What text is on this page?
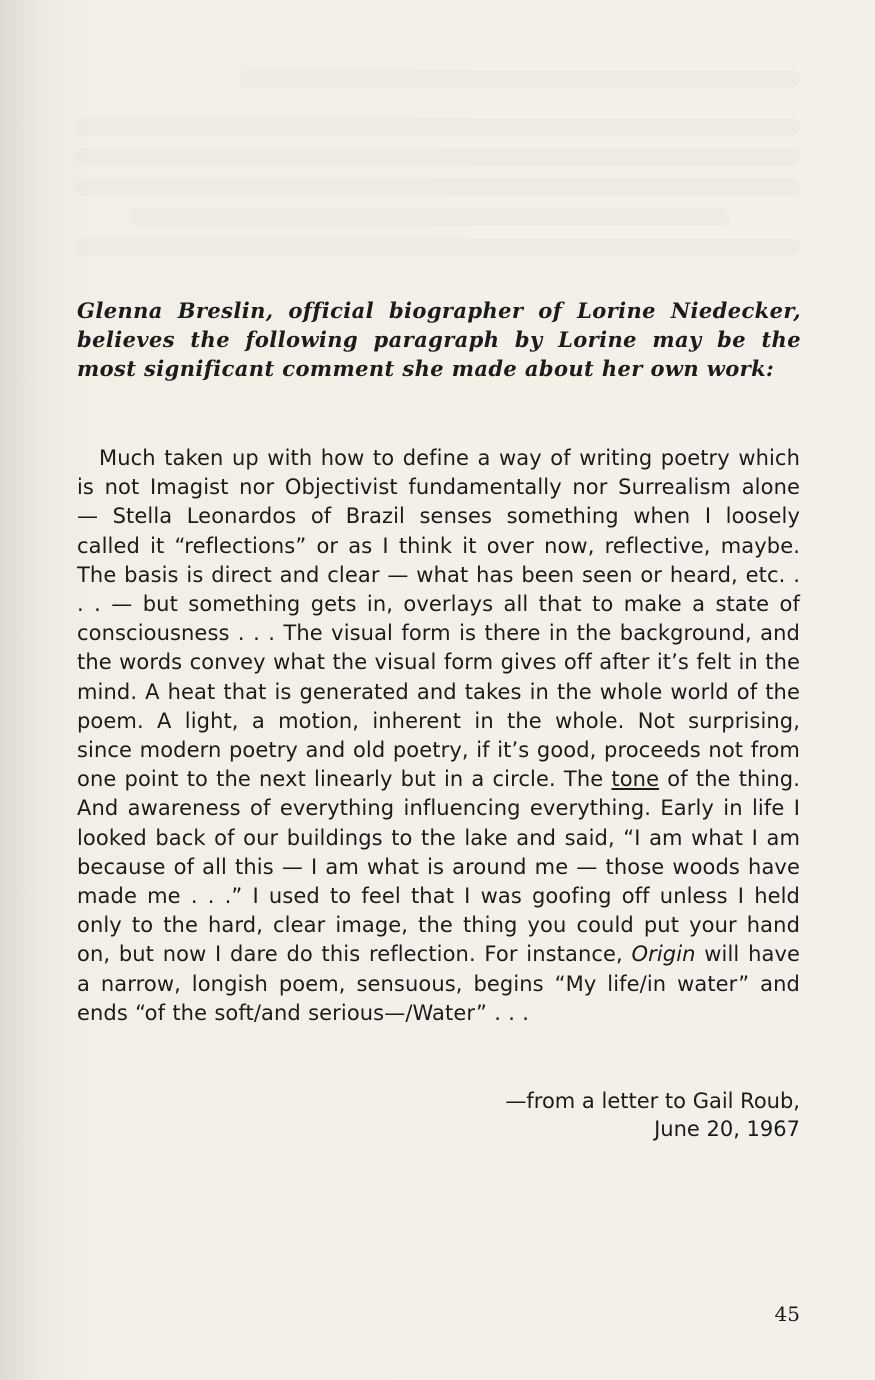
Glenna Breslin, official biographer of Lorine Niedecker, believes the following paragraph by Lorine may be the most significant comment she made about her own work:

Much taken up with how to define a way of writing poetry which is not Imagist nor Objectivist fundamentally nor Surrealism alone — Stella Leonardos of Brazil senses something when I loosely called it “reflections” or as I think it over now, reflective, maybe. The basis is direct and clear — what has been seen or heard, etc. . . . — but something gets in, overlays all that to make a state of consciousness . . . The visual form is there in the background, and the words convey what the visual form gives off after it’s felt in the mind. A heat that is generated and takes in the whole world of the poem. A light, a motion, inherent in the whole. Not surprising, since modern poetry and old poetry, if it’s good, proceeds not from one point to the next linearly but in a circle. The tone of the thing. And awareness of everything influencing everything. Early in life I looked back of our buildings to the lake and said, “I am what I am because of all this — I am what is around me — those woods have made me . . .” I used to feel that I was goofing off unless I held only to the hard, clear image, the thing you could put your hand on, but now I dare do this reflection. For instance, Origin will have a narrow, longish poem, sensuous, begins “My life/in water” and ends “of the soft/and serious—/Water” . . .

—from a letter to Gail Roub,
June 20, 1967
45
